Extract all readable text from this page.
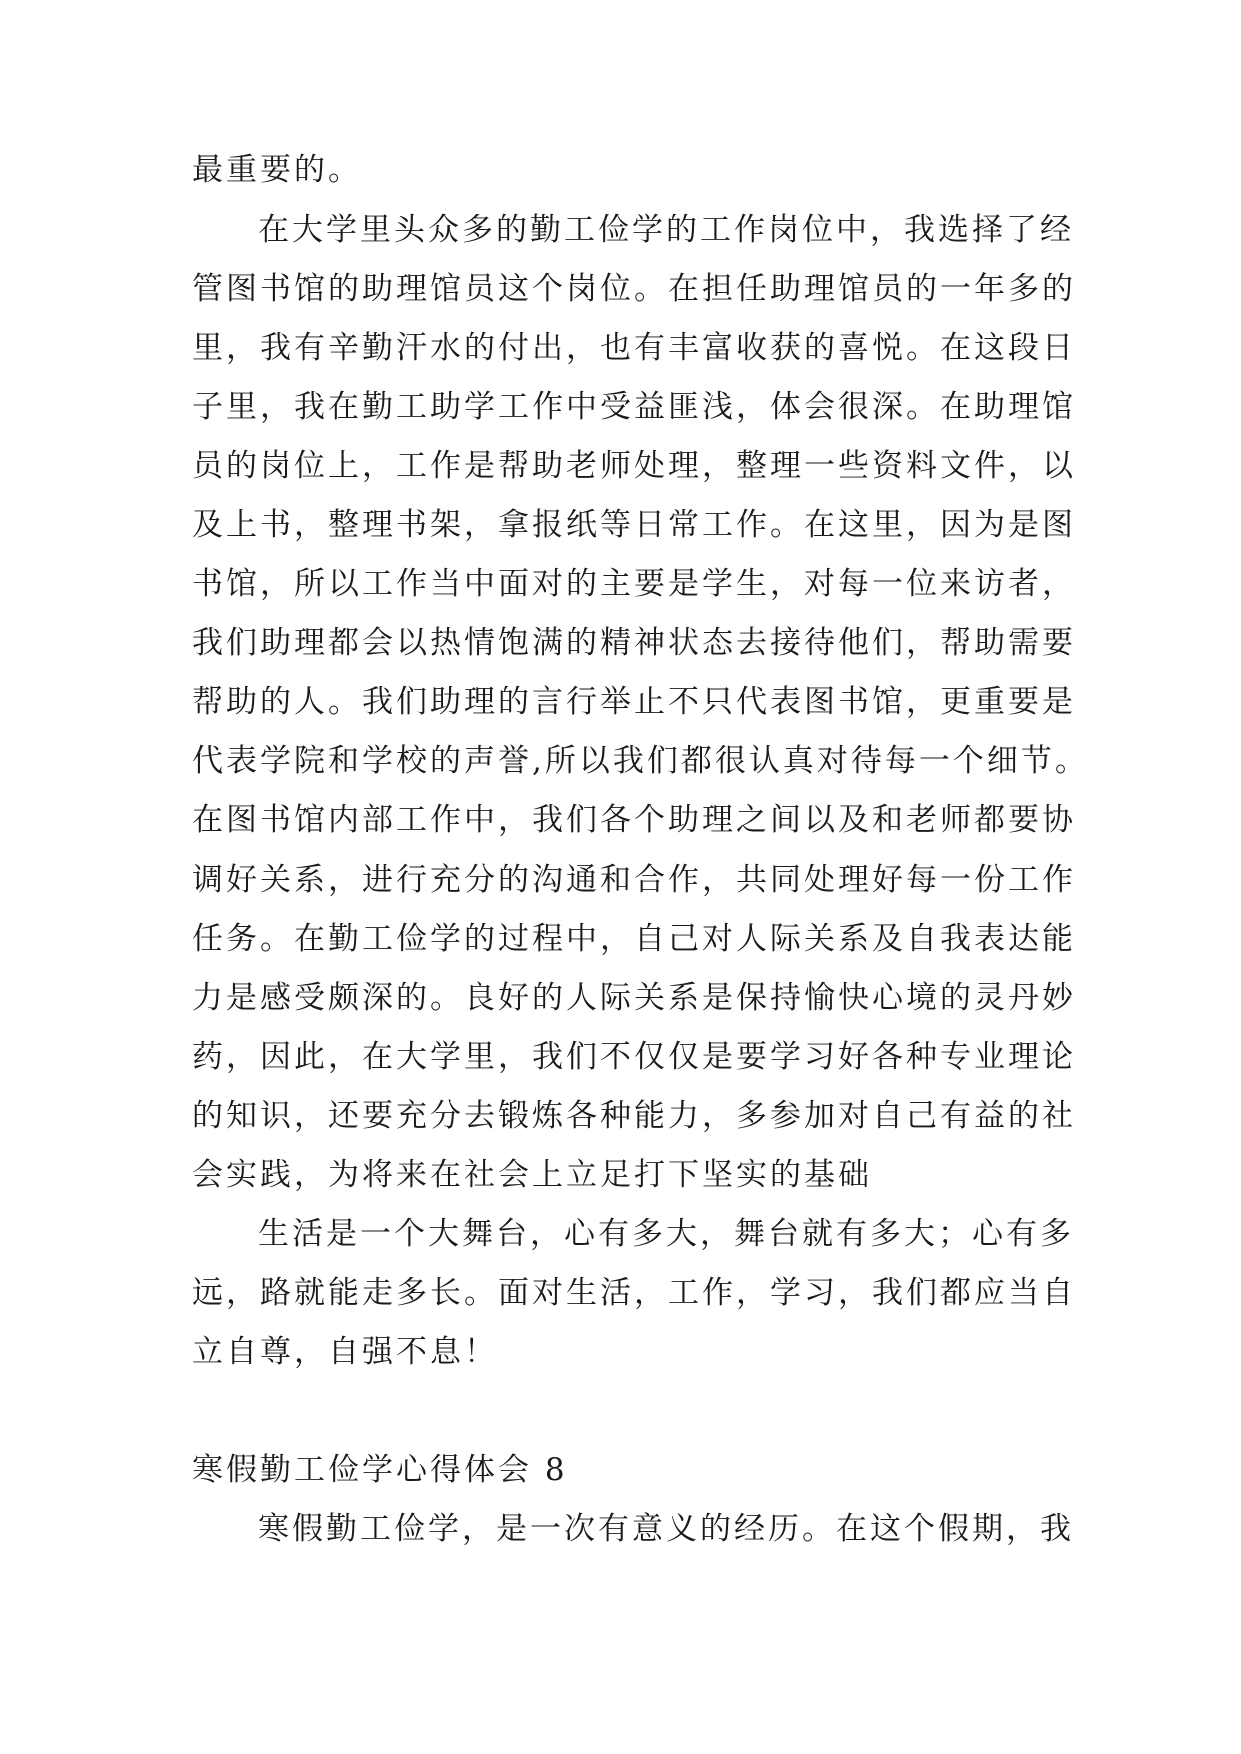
最重要的。
在大学里头众多的勤工俭学的工作岗位中，我选择了经
管图书馆的助理馆员这个岗位。在担任助理馆员的一年多的
里，我有辛勤汗水的付出，也有丰富收获的喜悦。在这段日
子里，我在勤工助学工作中受益匪浅，体会很深。在助理馆
员的岗位上，工作是帮助老师处理，整理一些资料文件，以
及上书，整理书架，拿报纸等日常工作。在这里，因为是图
书馆，所以工作当中面对的主要是学生，对每一位来访者，
我们助理都会以热情饱满的精神状态去接待他们，帮助需要
帮助的人。我们助理的言行举止不只代表图书馆，更重要是
代表学院和学校的声誉,所以我们都很认真对待每一个细节。
在图书馆内部工作中，我们各个助理之间以及和老师都要协
调好关系，进行充分的沟通和合作，共同处理好每一份工作
任务。在勤工俭学的过程中，自己对人际关系及自我表达能
力是感受颇深的。良好的人际关系是保持愉快心境的灵丹妙
药，因此，在大学里，我们不仅仅是要学习好各种专业理论
的知识，还要充分去锻炼各种能力，多参加对自己有益的社
会实践，为将来在社会上立足打下坚实的基础
生活是一个大舞台，心有多大，舞台就有多大；心有多
远，路就能走多长。面对生活，工作，学习，我们都应当自
立自尊，自强不息！
寒假勤工俭学心得体会 8
寒假勤工俭学，是一次有意义的经历。在这个假期，我
